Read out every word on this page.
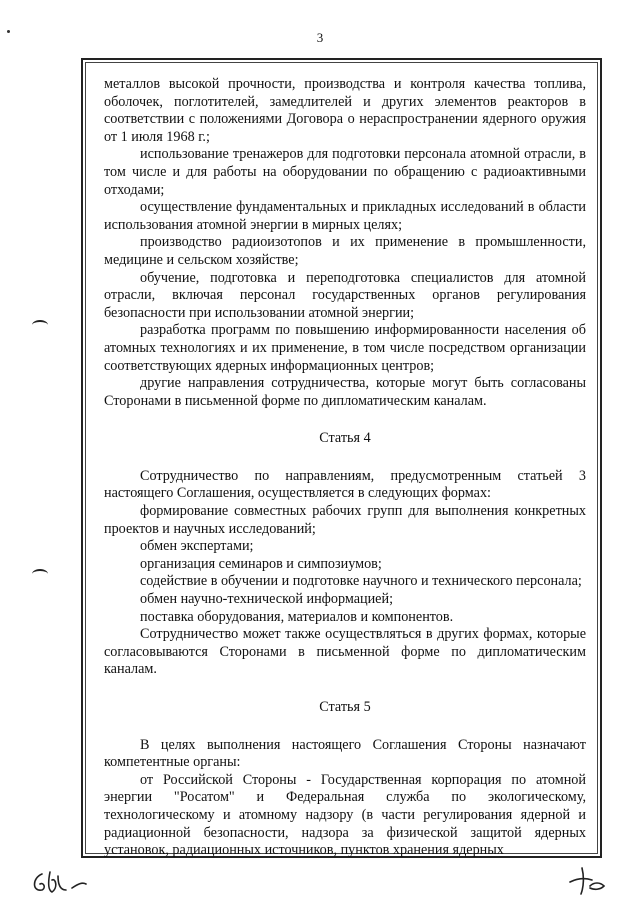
3

металлов высокой прочности, производства и контроля качества топлива, оболочек, поглотителей, замедлителей и других элементов реакторов в соответствии с положениями Договора о нераспространении ядерного оружия от 1 июля 1968 г.;

использование тренажеров для подготовки персонала атомной отрасли, в том числе и для работы на оборудовании по обращению с радиоактивными отходами;

осуществление фундаментальных и прикладных исследований в области использования атомной энергии в мирных целях;

производство радиоизотопов и их применение в промышленности, медицине и сельском хозяйстве;

обучение, подготовка и переподготовка специалистов для атомной отрасли, включая персонал государственных органов регулирования безопасности при использовании атомной энергии;

разработка программ по повышению информированности населения об атомных технологиях и их применение, в том числе посредством организации соответствующих ядерных информационных центров;

другие направления сотрудничества, которые могут быть согласованы Сторонами в письменной форме по дипломатическим каналам.

Статья 4

Сотрудничество по направлениям, предусмотренным статьей 3 настоящего Соглашения, осуществляется в следующих формах:

формирование совместных рабочих групп для выполнения конкретных проектов и научных исследований;

обмен экспертами;

организация семинаров и симпозиумов;

содействие в обучении и подготовке научного и технического персонала;

обмен научно-технической информацией;

поставка оборудования, материалов и компонентов.

Сотрудничество может также осуществляться в других формах, которые согласовываются Сторонами в письменной форме по дипломатическим каналам.

Статья 5

В целях выполнения настоящего Соглашения Стороны назначают компетентные органы:

от Российской Стороны - Государственная корпорация по атомной энергии "Росатом" и Федеральная служба по экологическому, технологическому и атомному надзору (в части регулирования ядерной и радиационной безопасности, надзора за физической защитой ядерных установок, радиационных источников, пунктов хранения ядерных
